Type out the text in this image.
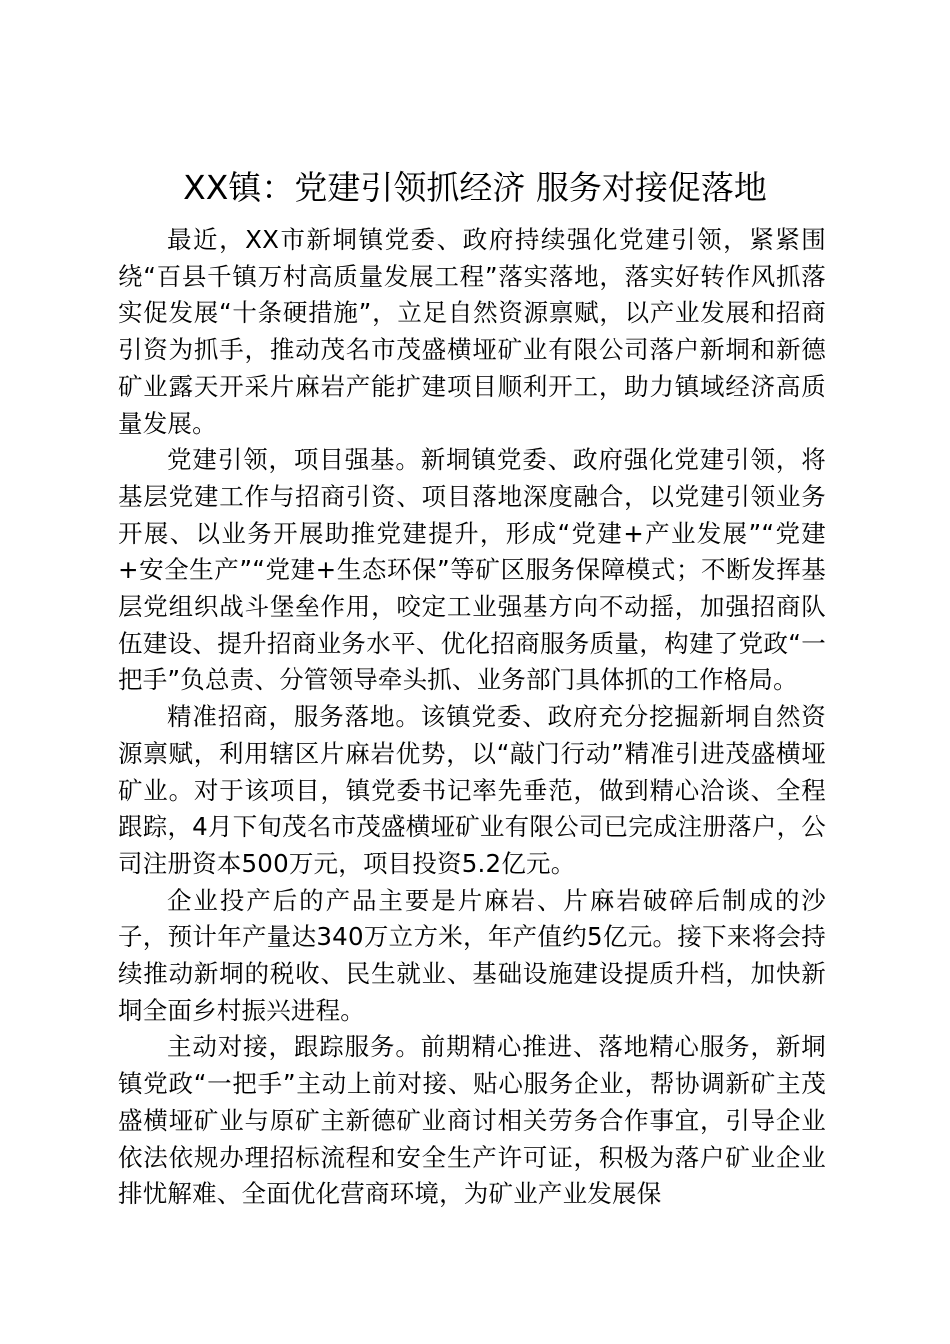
XX镇：党建引领抓经济 服务对接促落地

最近，XX市新垌镇党委、政府持续强化党建引领，紧紧围绕“百县千镇万村高质量发展工程”落实落地，落实好转作风抓落实促发展“十条硬措施”，立足自然资源禀赋，以产业发展和招商引资为抓手，推动茂名市茂盛横垭矿业有限公司落户新垌和新德矿业露天开采片麻岩产能扩建项目顺利开工，助力镇域经济高质量发展。

党建引领，项目强基。新垌镇党委、政府强化党建引领，将基层党建工作与招商引资、项目落地深度融合，以党建引领业务开展、以业务开展助推党建提升，形成“党建+产业发展”“党建+安全生产”“党建+生态环保”等矿区服务保障模式；不断发挥基层党组织战斗堡垒作用，咬定工业强基方向不动摇，加强招商队伍建设、提升招商业务水平、优化招商服务质量，构建了党政“一把手”负总责、分管领导牵头抓、业务部门具体抓的工作格局。

精准招商，服务落地。该镇党委、政府充分挖掘新垌自然资源禀赋，利用辖区片麻岩优势，以“敲门行动”精准引进茂盛横垭矿业。对于该项目，镇党委书记率先垂范，做到精心洽谈、全程跟踪，4月下旬茂名市茂盛横垭矿业有限公司已完成注册落户，公司注册资本500万元，项目投资5.2亿元。

企业投产后的产品主要是片麻岩、片麻岩破碎后制成的沙子，预计年产量达340万立方米，年产值约5亿元。接下来将会持续推动新垌的税收、民生就业、基础设施建设提质升档，加快新垌全面乡村振兴进程。

主动对接，跟踪服务。前期精心推进、落地精心服务，新垌镇党政“一把手”主动上前对接、贴心服务企业，帮协调新矿主茂盛横垭矿业与原矿主新德矿业商讨相关劳务合作事宜，引导企业依法依规办理招标流程和安全生产许可证，积极为落户矿业企业排忧解难、全面优化营商环境，为矿业产业发展保
